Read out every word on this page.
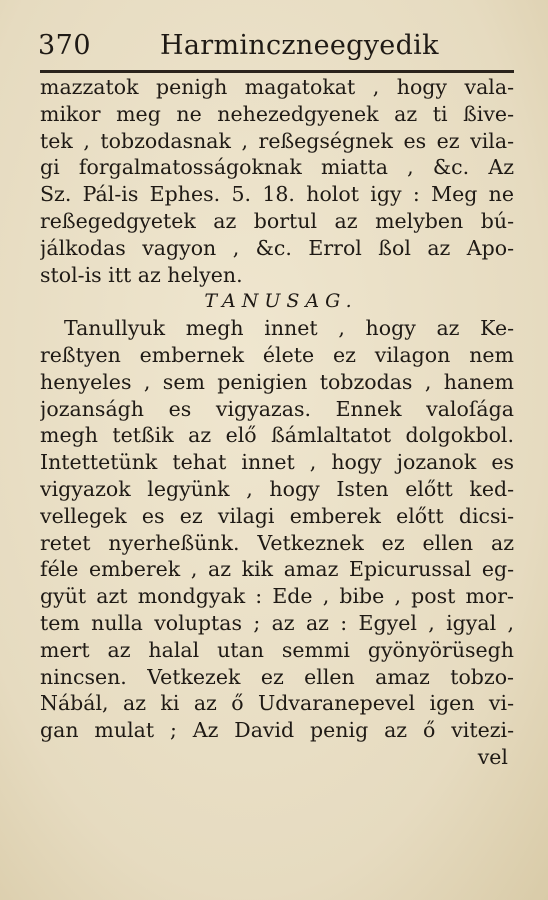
370	Harminczneegyedik
mazzatok penigh magatokat , hogy vala-
mikor meg ne nehezedgyenek az ti ßive-
tek , tobzodasnak , reßegségnek es ez vila-
gi forgalmatosságoknak miatta , &c. Az
Sz. Pál-is Ephes. 5. 18. holot igy : Meg ne
reßegedgyetek az bortul az melyben bú-
jálkodas vagyon , &c. Errol ßol az Apo-
stol-is itt az helyen.
TANUSAG.
Tanullyuk megh innet , hogy az Ke-
reßtyen embernek élete ez vilagon nem
henyeles , sem penigien tobzodas , hanem
jozanságh es vigyazas. Ennek valoſága
megh tetßik az elő ßámlaltatot dolgokbol.
Intettetünk tehat innet , hogy jozanok es
vigyazok legyünk , hogy Isten előtt ked-
vellegek es ez vilagi emberek előtt dicsi-
retet nyerheßünk. Vetkeznek ez ellen az
féle emberek , az kik amaz Epicurussal eg-
gyüt azt mondgyak : Ede , bibe , post mor-
tem nulla voluptas ; az az : Egyel , igyal ,
mert az halal utan semmi gyönyörüsegh
nincsen. Vetkezek ez ellen amaz tobzo-
Nábál, az ki az ő Udvaranepevel igen vi-
gan mulat ; Az David penig az ő vitezi-
vel
